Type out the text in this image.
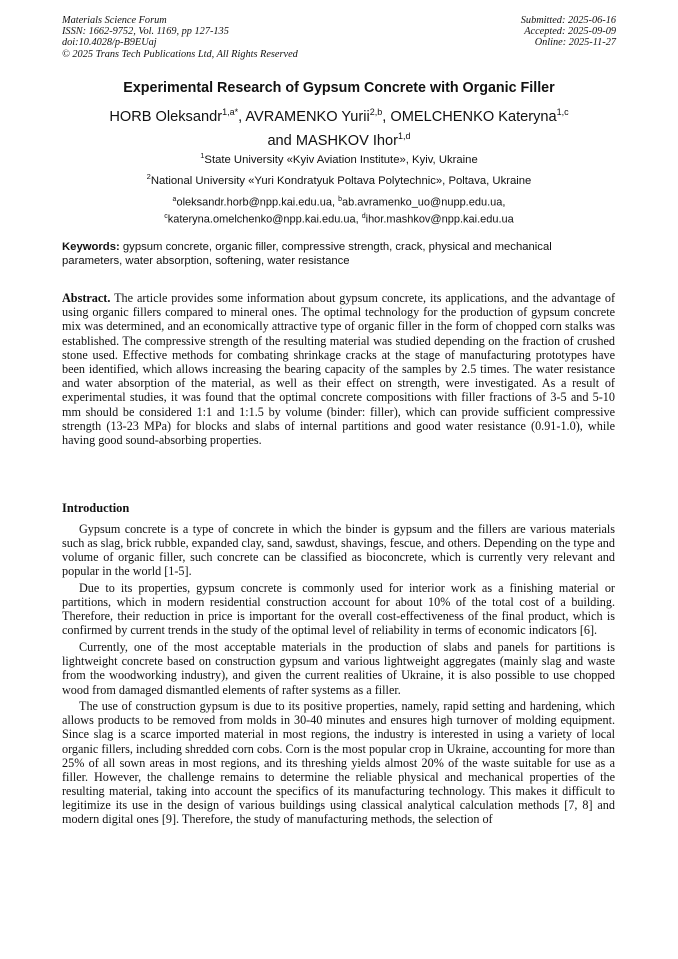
Materials Science Forum
ISSN: 1662-9752, Vol. 1169, pp 127-135
doi:10.4028/p-B9EUaj
© 2025 Trans Tech Publications Ltd, All Rights Reserved
Submitted: 2025-06-16
Accepted: 2025-09-09
Online: 2025-11-27
Experimental Research of Gypsum Concrete with Organic Filler
HORB Oleksandr$^{1,a*}$, AVRAMENKO Yurii$^{2,b}$, OMELCHENKO Kateryna$^{1,c}$
and MASHKOV Ihor$^{1,d}$
$^1$State University «Kyiv Aviation Institute», Kyiv, Ukraine
$^2$National University «Yuri Kondratyuk Poltava Polytechnic», Poltava, Ukraine
$^a$oleksandr.horb@npp.kai.edu.ua, $^b$ab.avramenko_uo@nupp.edu.ua,
$^c$kateryna.omelchenko@npp.kai.edu.ua, $^d$ihor.mashkov@npp.kai.edu.ua
Keywords: gypsum concrete, organic filler, compressive strength, crack, physical and mechanical parameters, water absorption, softening, water resistance

Abstract. The article provides some information about gypsum concrete, its applications, and the advantage of using organic fillers compared to mineral ones. The optimal technology for the production of gypsum concrete mix was determined, and an economically attractive type of organic filler in the form of chopped corn stalks was established. The compressive strength of the resulting material was studied depending on the fraction of crushed stone used. Effective methods for combating shrinkage cracks at the stage of manufacturing prototypes have been identified, which allows increasing the bearing capacity of the samples by 2.5 times. The water resistance and water absorption of the material, as well as their effect on strength, were investigated. As a result of experimental studies, it was found that the optimal concrete compositions with filler fractions of 3-5 and 5-10 mm should be considered 1:1 and 1:1.5 by volume (binder: filler), which can provide sufficient compressive strength (13-23 MPa) for blocks and slabs of internal partitions and good water resistance (0.91-1.0), while having good sound-absorbing properties.

Introduction

Gypsum concrete is a type of concrete in which the binder is gypsum and the fillers are various materials such as slag, brick rubble, expanded clay, sand, sawdust, shavings, fescue, and others. Depending on the type and volume of organic filler, such concrete can be classified as bioconcrete, which is currently very relevant and popular in the world [1-5].

Due to its properties, gypsum concrete is commonly used for interior work as a finishing material or partitions, which in modern residential construction account for about 10% of the total cost of a building. Therefore, their reduction in price is important for the overall cost-effectiveness of the final product, which is confirmed by current trends in the study of the optimal level of reliability in terms of economic indicators [6].

Currently, one of the most acceptable materials in the production of slabs and panels for partitions is lightweight concrete based on construction gypsum and various lightweight aggregates (mainly slag and waste from the woodworking industry), and given the current realities of Ukraine, it is also possible to use chopped wood from damaged dismantled elements of rafter systems as a filler.

The use of construction gypsum is due to its positive properties, namely, rapid setting and hardening, which allows products to be removed from molds in 30-40 minutes and ensures high turnover of molding equipment. Since slag is a scarce imported material in most regions, the industry is interested in using a variety of local organic fillers, including shredded corn cobs. Corn is the most popular crop in Ukraine, accounting for more than 25% of all sown areas in most regions, and its threshing yields almost 20% of the waste suitable for use as a filler. However, the challenge remains to determine the reliable physical and mechanical properties of the resulting material, taking into account the specifics of its manufacturing technology. This makes it difficult to legitimize its use in the design of various buildings using classical analytical calculation methods [7, 8] and modern digital ones [9]. Therefore, the study of manufacturing methods, the selection of
